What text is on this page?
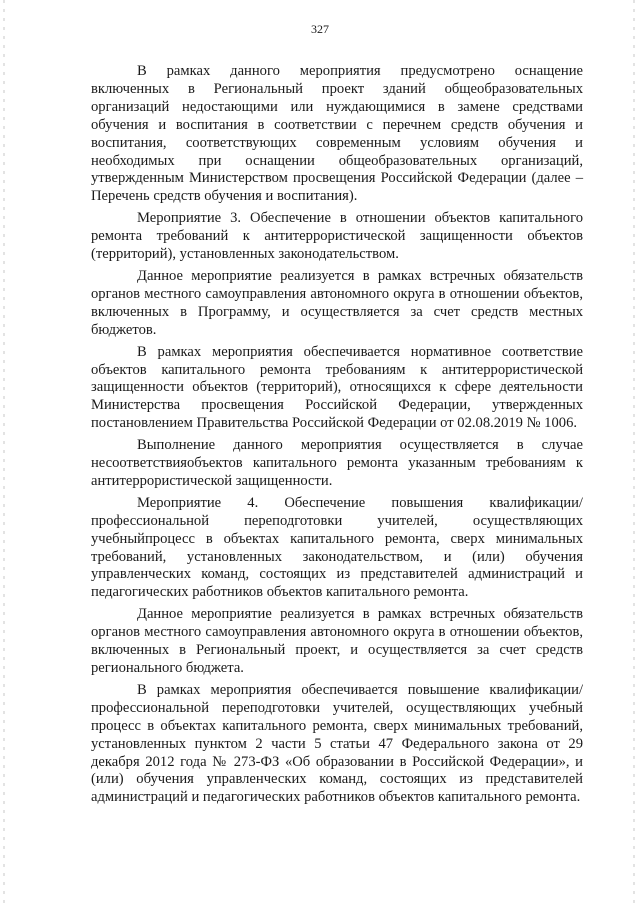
327

В рамках данного мероприятия предусмотрено оснащение включенных в Региональный проект зданий общеобразовательных организаций недостающими или нуждающимися в замене средствами обучения и воспитания в соответствии с перечнем средств обучения и воспитания, соответствующих современным условиям обучения и необходимых при оснащении общеобразовательных организаций, утвержденным Министерством просвещения Российской Федерации (далее – Перечень средств обучения и воспитания).

Мероприятие 3. Обеспечение в отношении объектов капитального ремонта требований к антитеррористической защищенности объектов (территорий), установленных законодательством.

Данное мероприятие реализуется в рамках встречных обязательств органов местного самоуправления автономного округа в отношении объектов, включенных в Программу, и осуществляется за счет средств местных бюджетов.

В рамках мероприятия обеспечивается нормативное соответствие объектов капитального ремонта требованиям к антитеррористической защищенности объектов (территорий), относящихся к сфере деятельности Министерства просвещения Российской Федерации, утвержденных постановлением Правительства Российской Федерации от 02.08.2019 № 1006.

Выполнение данного мероприятия осуществляется в случае несоответствияобъектов капитального ремонта указанным требованиям к антитеррористической защищенности.

Мероприятие 4. Обеспечение повышения квалификации/профессиональной переподготовки учителей, осуществляющих учебныйпроцесс в объектах капитального ремонта, сверх минимальных требований, установленных законодательством, и (или) обучения управленческих команд, состоящих из представителей администраций и педагогических работников объектов капитального ремонта.

Данное мероприятие реализуется в рамках встречных обязательств органов местного самоуправления автономного округа в отношении объектов, включенных в Региональный проект, и осуществляется за счет средств регионального бюджета.

В рамках мероприятия обеспечивается повышение квалификации/профессиональной переподготовки учителей, осуществляющих учебный процесс в объектах капитального ремонта, сверх минимальных требований, установленных пунктом 2 части 5 статьи 47 Федерального закона от 29 декабря 2012 года № 273-ФЗ «Об образовании в Российской Федерации», и (или) обучения управленческих команд, состоящих из представителей администраций и педагогических работников объектов капитального ремонта.
